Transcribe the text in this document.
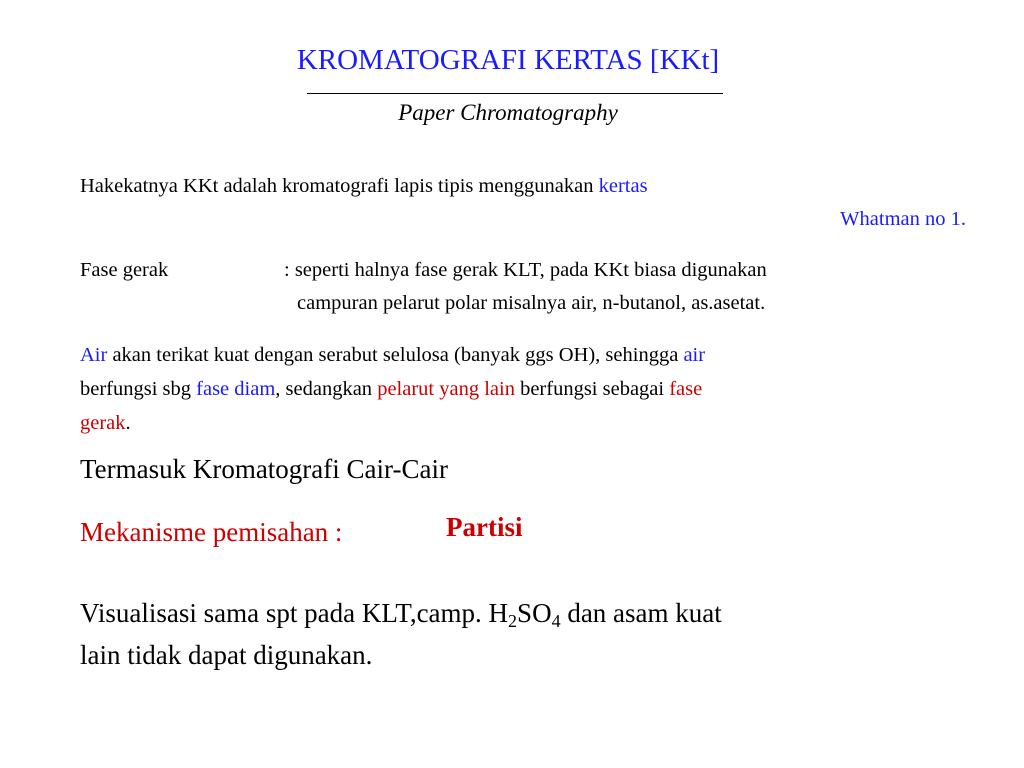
KROMATOGRAFI KERTAS [KKt]
Paper Chromatography
Hakekatnya KKt adalah kromatografi lapis tipis menggunakan kertas
Whatman no 1.
Fase gerak	: seperti halnya fase gerak KLT, pada KKt biasa digunakan
campuran pelarut polar misalnya air, n-butanol, as.asetat.
Air akan terikat kuat dengan serabut selulosa (banyak ggs OH), sehingga air
berfungsi sbg fase diam, sedangkan pelarut yang lain berfungsi sebagai fase
gerak.
Termasuk Kromatografi Cair-Cair
Mekanisme pemisahan :	Partisi
Visualisasi sama spt pada KLT,camp. $H_2SO_4$ dan asam kuat
lain tidak dapat digunakan.
